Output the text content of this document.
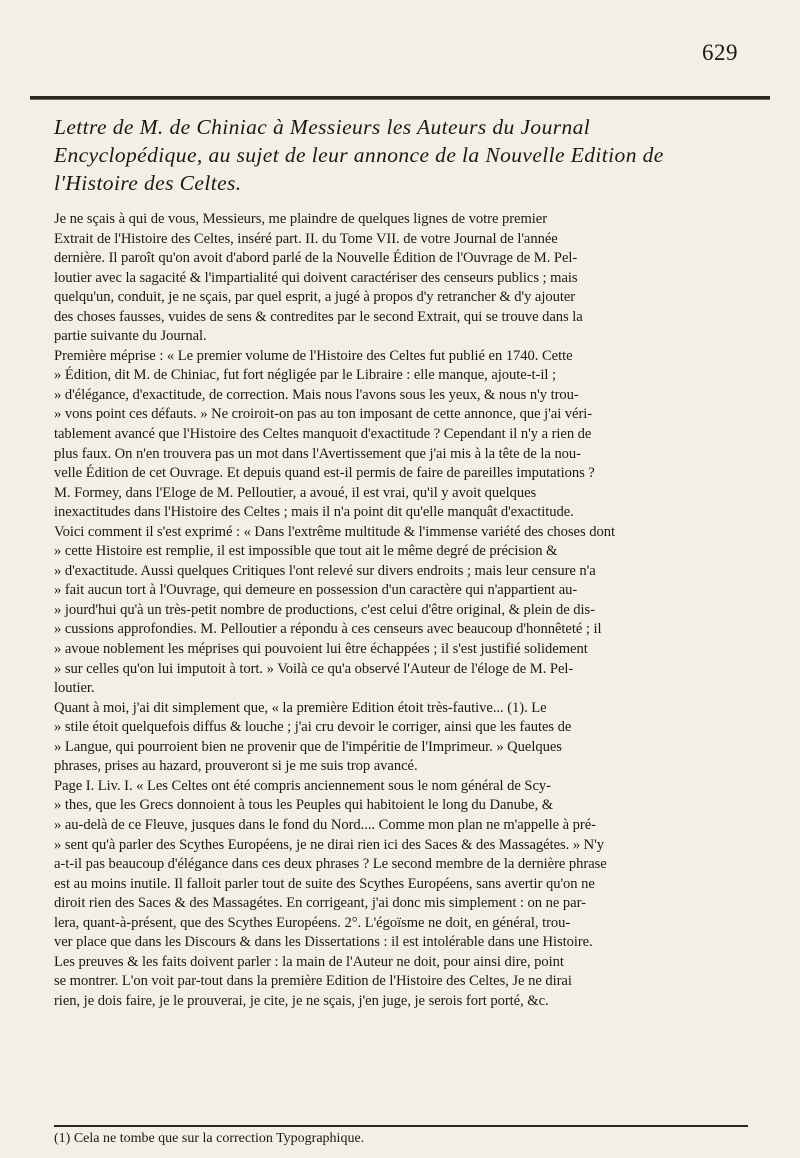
629
Lettre de M. de Chiniac à Messieurs les Auteurs du Journal
Encyclopédique, au sujet de leur annonce de la Nouvelle Edition de
l'Histoire des Celtes.
Je ne sçais à qui de vous, Messieurs, me plaindre de quelques lignes de votre premier
Extrait de l'Histoire des Celtes, inséré part. II. du Tome VII. de votre Journal de l'année
dernière. Il paroît qu'on avoit d'abord parlé de la Nouvelle Édition de l'Ouvrage de M. Pel-
loutier avec la sagacité & l'impartialité qui doivent caractériser des censeurs publics ; mais
quelqu'un, conduit, je ne sçais, par quel esprit, a jugé à propos d'y retrancher & d'y ajouter
des choses fausses, vuides de sens & contredites par le second Extrait, qui se trouve dans la
partie suivante du Journal.
Première méprise : « Le premier volume de l'Histoire des Celtes fut publié en 1740. Cette
» Édition, dit M. de Chiniac, fut fort négligée par le Libraire : elle manque, ajoute-t-il ;
» d'élégance, d'exactitude, de correction. Mais nous l'avons sous les yeux, & nous n'y trou-
» vons point ces défauts. » Ne croiroit-on pas au ton imposant de cette annonce, que j'ai véri-
tablement avancé que l'Histoire des Celtes manquoit d'exactitude ? Cependant il n'y a rien de
plus faux. On n'en trouvera pas un mot dans l'Avertissement que j'ai mis à la tête de la nou-
velle Édition de cet Ouvrage. Et depuis quand est-il permis de faire de pareilles imputations ?
M. Formey, dans l'Eloge de M. Pelloutier, a avoué, il est vrai, qu'il y avoit quelques
inexactitudes dans l'Histoire des Celtes ; mais il n'a point dit qu'elle manquât d'exactitude.
Voici comment il s'est exprimé : « Dans l'extrême multitude & l'immense variété des choses dont
» cette Histoire est remplie, il est impossible que tout ait le même degré de précision &
» d'exactitude. Aussi quelques Critiques l'ont relevé sur divers endroits ; mais leur censure n'a
» fait aucun tort à l'Ouvrage, qui demeure en possession d'un caractère qui n'appartient au-
» jourd'hui qu'à un très-petit nombre de productions, c'est celui d'être original, & plein de dis-
» cussions approfondies. M. Pelloutier a répondu à ces censeurs avec beaucoup d'honnêteté ; il
» avoue noblement les méprises qui pouvoient lui être échappées ; il s'est justifié solidement
» sur celles qu'on lui imputoit à tort. » Voilà ce qu'a observé l'Auteur de l'éloge de M. Pel-
loutier.
Quant à moi, j'ai dit simplement que, « la première Edition étoit très-fautive... (1). Le
» stile étoit quelquefois diffus & louche ; j'ai cru devoir le corriger, ainsi que les fautes de
» Langue, qui pourroient bien ne provenir que de l'impéritie de l'Imprimeur. » Quelques
phrases, prises au hazard, prouveront si je me suis trop avancé.
Page I. Liv. I. « Les Celtes ont été compris anciennement sous le nom général de Scy-
» thes, que les Grecs donnoient à tous les Peuples qui habitoient le long du Danube, &
» au-delà de ce Fleuve, jusques dans le fond du Nord.... Comme mon plan ne m'appelle à pré-
» sent qu'à parler des Scythes Européens, je ne dirai rien ici des Saces & des Massagétes. » N'y
a-t-il pas beaucoup d'élégance dans ces deux phrases ? Le second membre de la dernière phrase
est au moins inutile. Il falloit parler tout de suite des Scythes Européens, sans avertir qu'on ne
diroit rien des Saces & des Massagétes. En corrigeant, j'ai donc mis simplement : on ne par-
lera, quant-à-présent, que des Scythes Européens. 2°. L'égoïsme ne doit, en général, trou-
ver place que dans les Discours & dans les Dissertations : il est intolérable dans une Histoire.
Les preuves & les faits doivent parler : la main de l'Auteur ne doit, pour ainsi dire, point
se montrer. L'on voit par-tout dans la première Edition de l'Histoire des Celtes, Je ne dirai
rien, je dois faire, je le prouverai, je cite, je ne sçais, j'en juge, je serois fort porté, &c.
(1) Cela ne tombe que sur la correction Typographique.
